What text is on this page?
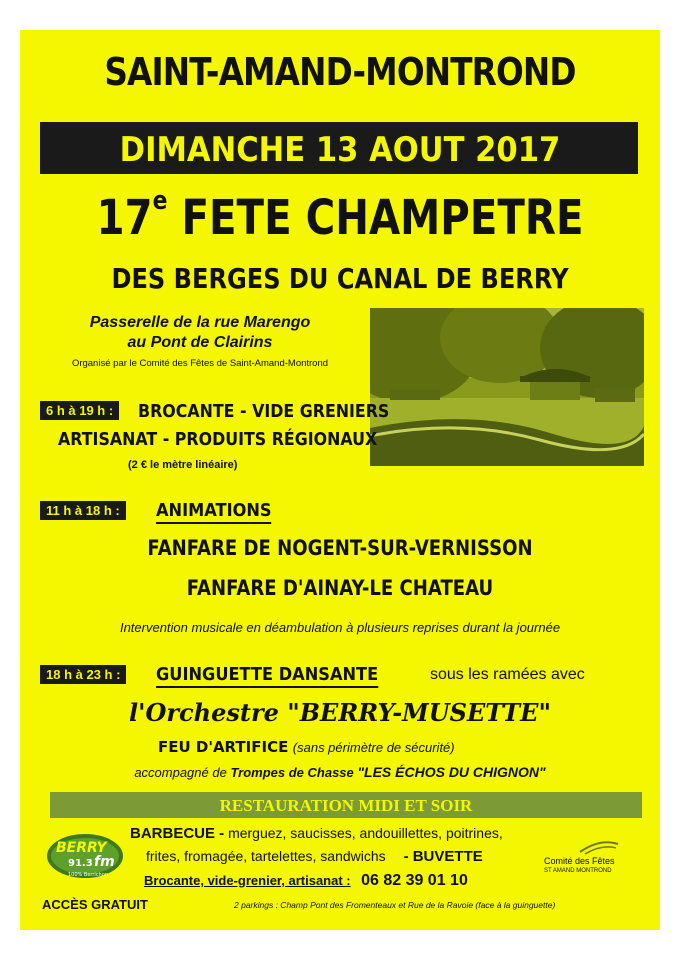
SAINT-AMAND-MONTROND
DIMANCHE 13 AOUT 2017
17e FETE CHAMPETRE
DES BERGES DU CANAL DE BERRY
Passerelle de la rue Marengo
au Pont de Clairins
Organisé par le Comité des Fêtes de Saint-Amand-Montrond
6 h à 19 h :	BROCANTE - VIDE GRENIERS
ARTISANAT - PRODUITS RÉGIONAUX
(2 € le mètre linéaire)
11 h à 18 h :	ANIMATIONS
FANFARE DE NOGENT-SUR-VERNISSON
FANFARE D'AINAY-LE CHATEAU
Intervention musicale en déambulation à plusieurs reprises durant la journée
18 h à 23 h :	GUINGUETTE DANSANTE	sous les ramées avec
l'Orchestre "BERRY-MUSETTE"
FEU D'ARTIFICE (sans périmètre de sécurité)
accompagné de Trompes de Chasse "LES ÉCHOS DU CHIGNON"
RESTAURATION MIDI ET SOIR
BERRY
91.3 fm
100% Berrichon
BARBECUE - merguez, saucisses, andouillettes, poitrines,
frites, fromagée, tartelettes, sandwichs - BUVETTE
Brocante, vide-grenier, artisanat : 06 82 39 01 10
Comité des Fêtes
ST AMAND MONTROND
ACCÈS GRATUIT	2 parkings : Champ Pont des Fromenteaux et Rue de la Ravoie (face à la guinguette)
